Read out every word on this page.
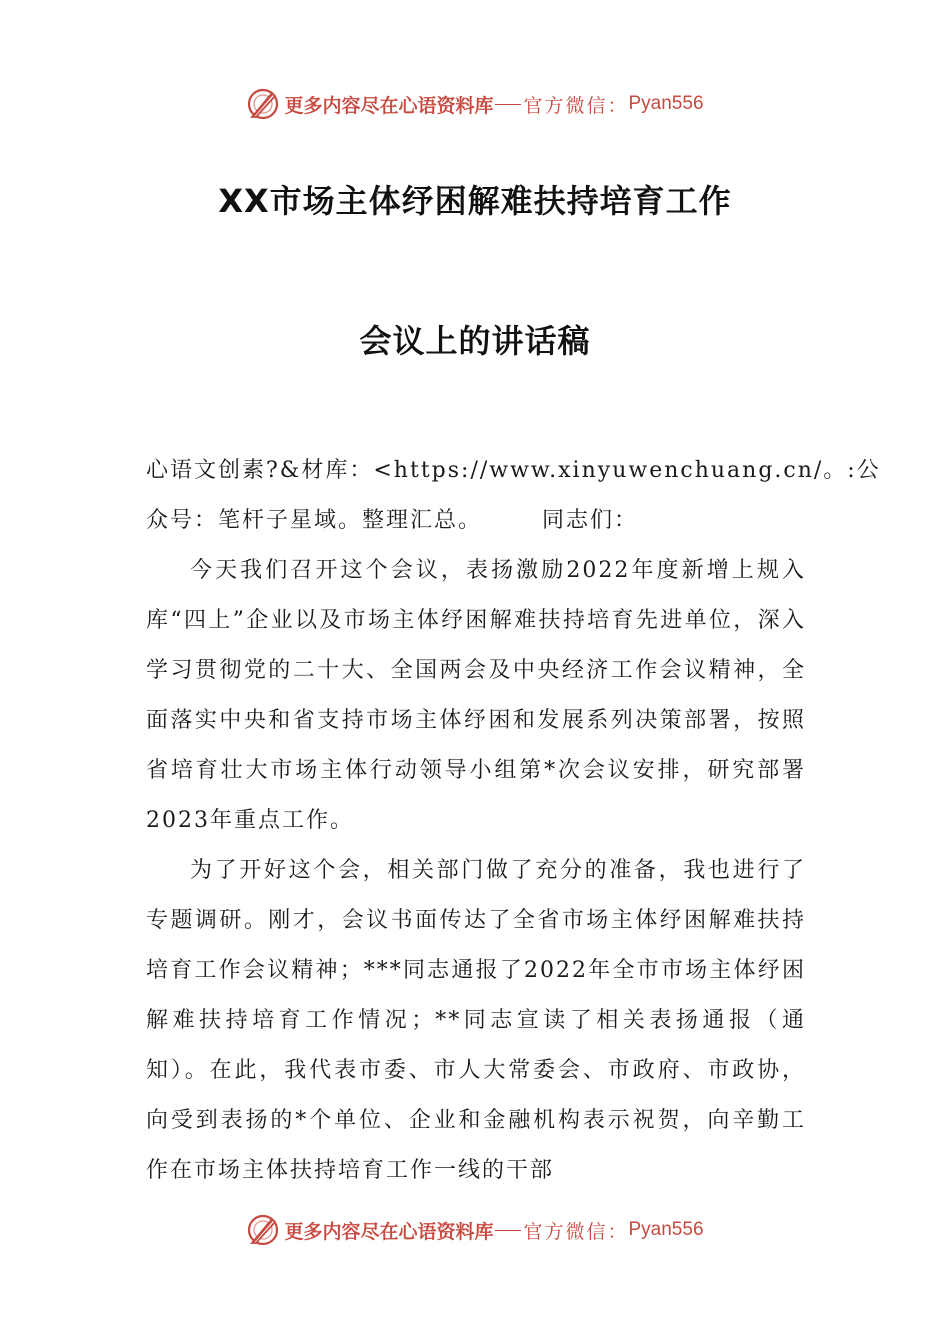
更多内容尽在心语资料库 官方微信： Pyan556
XX市场主体纾困解难扶持培育工作
会议上的讲话稿

心语文创素?&材库：<https://www.xinyuwenchuang.cn/。:公

众号：笔杆子星域。整理汇总。	同志们：

今天我们召开这个会议，表扬激励2022年度新增上规入库“四上”企业以及市场主体纾困解难扶持培育先进单位，深入学习贯彻党的二十大、全国两会及中央经济工作会议精神，全面落实中央和省支持市场主体纾困和发展系列决策部署，按照省培育壮大市场主体行动领导小组第*次会议安排，研究部署2023年重点工作。

为了开好这个会，相关部门做了充分的准备，我也进行了专题调研。刚才，会议书面传达了全省市场主体纾困解难扶持培育工作会议精神；***同志通报了2022年全市市场主体纾困解难扶持培育工作情况；**同志宣读了相关表扬通报（通知）。在此，我代表市委、市人大常委会、市政府、市政协，向受到表扬的*个单位、企业和金融机构表示祝贺，向辛勤工作在市场主体扶持培育工作一线的干部

更多内容尽在心语资料库 官方微信： Pyan556
